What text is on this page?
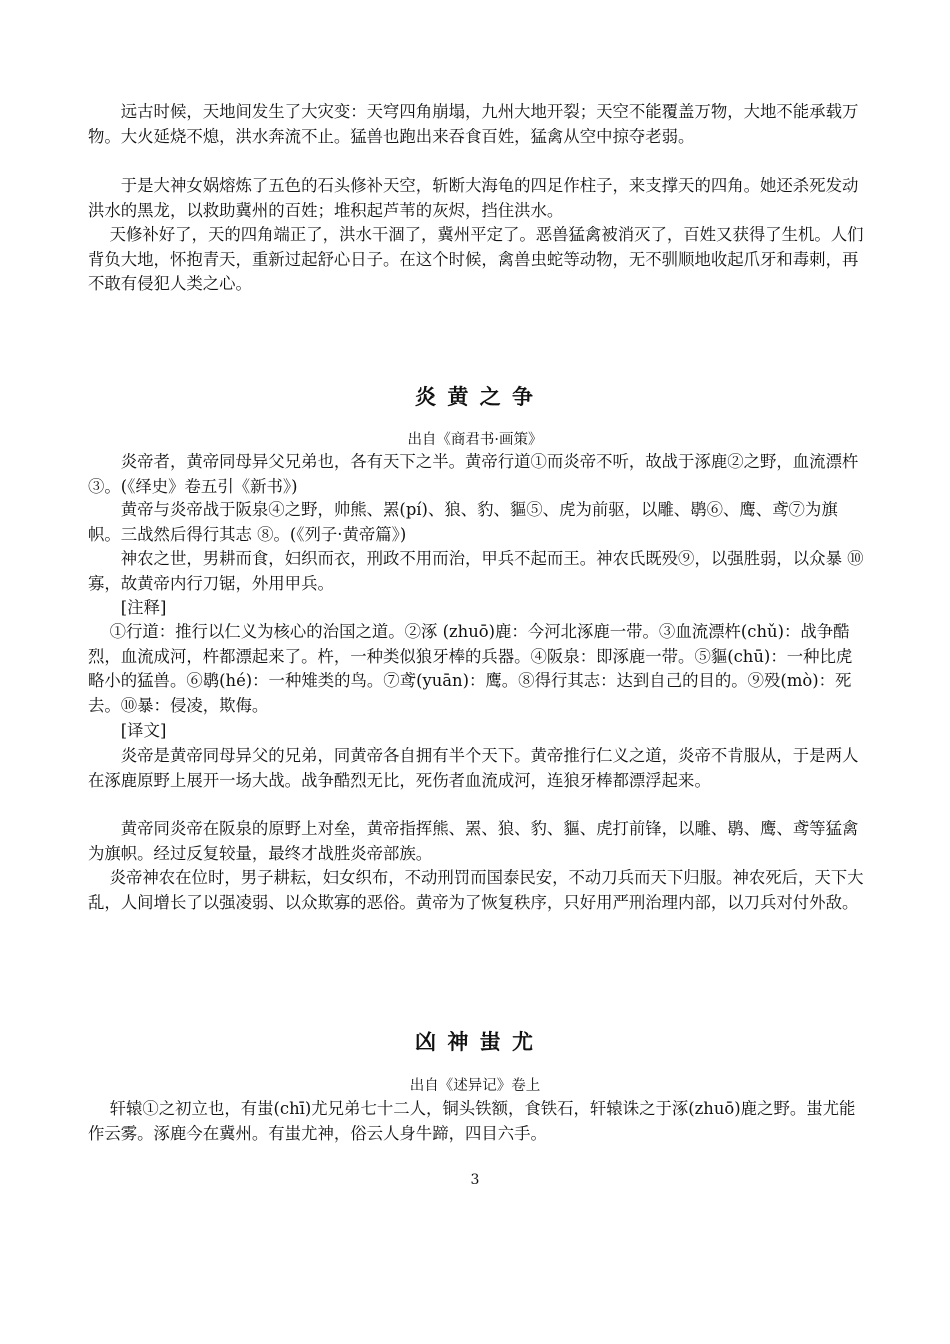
　　远古时候，天地间发生了大灾变：天穹四角崩塌，九州大地开裂；天空不能覆盖万物，大地不能承载万物。大火延烧不熄，洪水奔流不止。猛兽也跑出来吞食百姓，猛禽从空中掠夺老弱。

　　于是大神女娲熔炼了五色的石头修补天空，斩断大海龟的四足作柱子，来支撑天的四角。她还杀死发动洪水的黑龙，以救助冀州的百姓；堆积起芦苇的灰烬，挡住洪水。

　 天修补好了，天的四角端正了，洪水干涸了，冀州平定了。恶兽猛禽被消灭了，百姓又获得了生机。人们背负大地，怀抱青天，重新过起舒心日子。在这个时候，禽兽虫蛇等动物，无不驯顺地收起爪牙和毒刺，再不敢有侵犯人类之心。

炎 黄 之 争
出自《商君书·画策》

　　炎帝者，黄帝同母异父兄弟也，各有天下之半。黄帝行道①而炎帝不听，故战于涿鹿②之野，血流漂杵③。(《绎史》卷五引《新书》)

　　黄帝与炎帝战于阪泉④之野，帅熊、罴(pí)、狼、豹、貙⑤、虎为前驱，以雕、鹖⑥、鹰、鸢⑦为旗帜。三战然后得行其志 ⑧。(《列子·黄帝篇》)

　　神农之世，男耕而食，妇织而衣，刑政不用而治，甲兵不起而王。神农氏既殁⑨，以强胜弱，以众暴 ⑩寡，故黄帝内行刀锯，外用甲兵。

　　[注释]

　 ①行道：推行以仁义为核心的治国之道。②涿 (zhuō)鹿：今河北涿鹿一带。③血流漂杵(chǔ)：战争酷烈，血流成河，杵都漂起来了。杵，一种类似狼牙棒的兵器。④阪泉：即涿鹿一带。⑤貙(chū)：一种比虎略小的猛兽。⑥鹖(hé)：一种雉类的鸟。⑦鸢(yuān)：鹰。⑧得行其志：达到自己的目的。⑨殁(mò)：死去。⑩暴：侵凌，欺侮。

　　[译文]

　　炎帝是黄帝同母异父的兄弟，同黄帝各自拥有半个天下。黄帝推行仁义之道，炎帝不肯服从，于是两人在涿鹿原野上展开一场大战。战争酷烈无比，死伤者血流成河，连狼牙棒都漂浮起来。

　　黄帝同炎帝在阪泉的原野上对垒，黄帝指挥熊、罴、狼、豹、貙、虎打前锋，以雕、鹖、鹰、鸢等猛禽为旗帜。经过反复较量，最终才战胜炎帝部族。

　 炎帝神农在位时，男子耕耘，妇女织布，不动刑罚而国泰民安，不动刀兵而天下归服。神农死后，天下大乱，人间增长了以强凌弱、以众欺寡的恶俗。黄帝为了恢复秩序，只好用严刑治理内部，以刀兵对付外敌。

凶 神 蚩 尤
出自《述异记》卷上

　 轩辕①之初立也，有蚩(chī)尤兄弟七十二人，铜头铁额，食铁石，轩辕诛之于涿(zhuō)鹿之野。蚩尤能作云雾。涿鹿今在冀州。有蚩尤神，俗云人身牛蹄，四目六手。

3
